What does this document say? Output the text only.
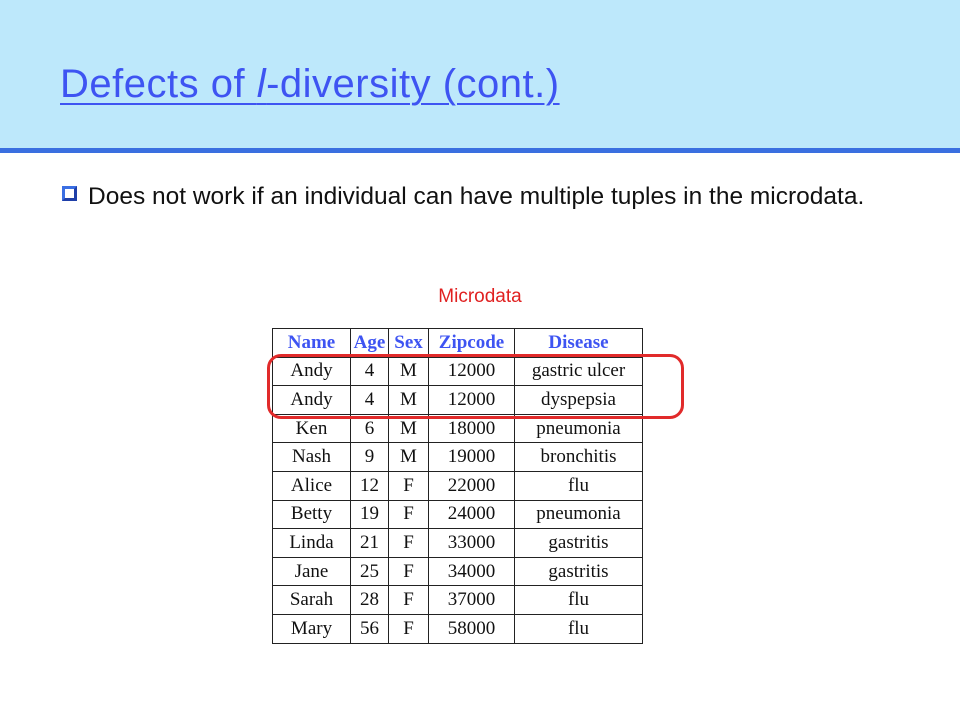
Defects of l-diversity (cont.)
Does not work if an individual can have multiple tuples in the microdata.
Microdata
Name	Age	Sex	Zipcode	Disease
Andy	4	M	12000	gastric ulcer
Andy	4	M	12000	dyspepsia
Ken	6	M	18000	pneumonia
Nash	9	M	19000	bronchitis
Alice	12	F	22000	flu
Betty	19	F	24000	pneumonia
Linda	21	F	33000	gastritis
Jane	25	F	34000	gastritis
Sarah	28	F	37000	flu
Mary	56	F	58000	flu
